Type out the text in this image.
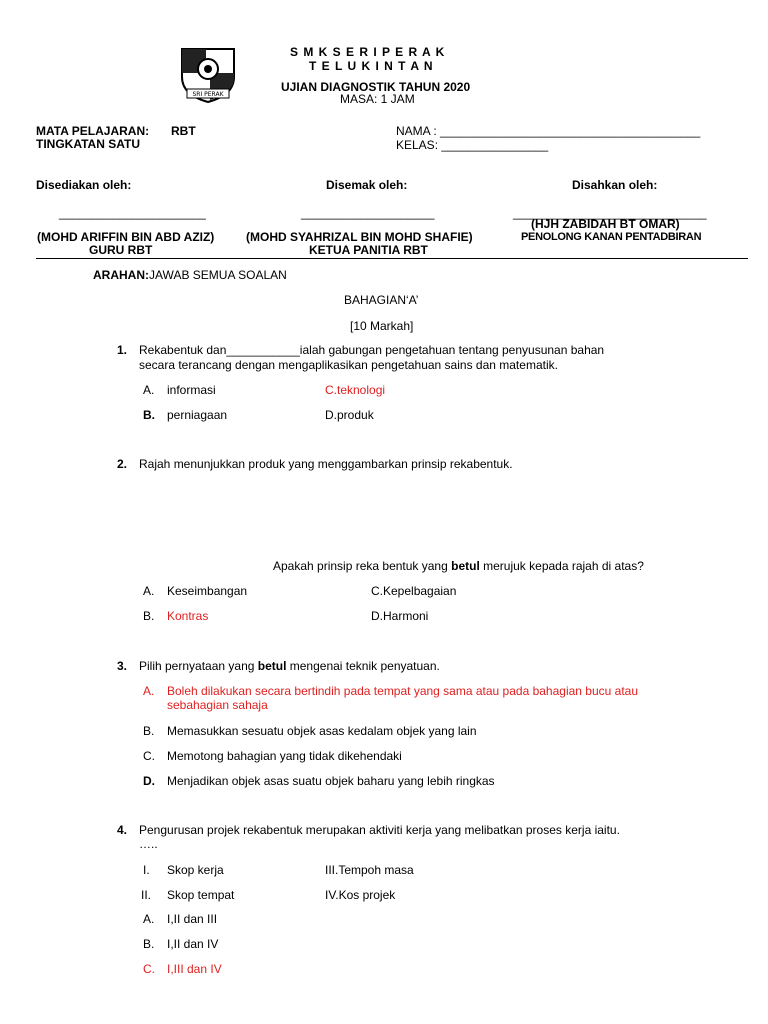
SRI PERAK
S M K S E R I P E R A K
T E L U K I N T A N
UJIAN DIAGNOSTIK TAHUN 2020
MASA: 1 JAM
MATA PELAJARAN: RBT
TINGKATAN SATU
NAMA : _______________________________________
KELAS: ________________
Disediakan oleh:	Disemak oleh:	Disahkan oleh:
______________________	____________________	_____________________________
(MOHD ARIFFIN BIN ABD AZIZ)
GURU RBT
(MOHD SYAHRIZAL BIN MOHD SHAFIE)
KETUA PANITIA RBT
(HJH ZABIDAH BT OMAR)
PENOLONG KANAN PENTADBIRAN
ARAHAN:JAWAB SEMUA SOALAN
BAHAGIAN‘A’
[10 Markah]
1. Rekabentuk dan___________ialah gabungan pengetahuan tentang penyusunan bahan
secara terancang dengan mengaplikasikan pengetahuan sains dan matematik.
A. informasi	C.teknologi
B. perniagaan	D.produk
2. Rajah menunjukkan produk yang menggambarkan prinsip rekabentuk.
Apakah prinsip reka bentuk yang betul merujuk kepada rajah di atas?
A. Keseimbangan	C.Kepelbagaian
B. Kontras	D.Harmoni
3. Pilih pernyataan yang betul mengenai teknik penyatuan.
A. Boleh dilakukan secara bertindih pada tempat yang sama atau pada bahagian bucu atau
sebahagian sahaja
B. Memasukkan sesuatu objek asas kedalam objek yang lain
C. Memotong bahagian yang tidak dikehendaki
D. Menjadikan objek asas suatu objek baharu yang lebih ringkas
4. Pengurusan projek rekabentuk merupakan aktiviti kerja yang melibatkan proses kerja iaitu.
…..
I. Skop kerja	III.Tempoh masa
II. Skop tempat	IV.Kos projek
A. I,II dan III
B. I,II dan IV
C. I,III dan IV
